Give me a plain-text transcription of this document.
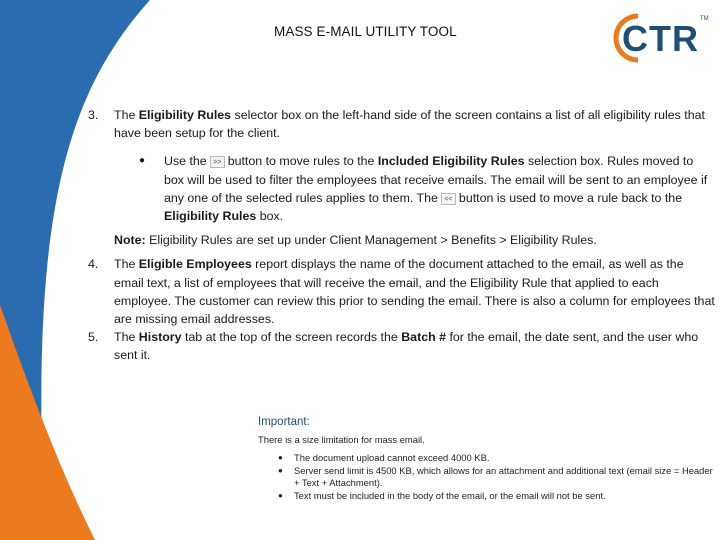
MASS E-MAIL UTILITY TOOL	CTR TM
3. The Eligibility Rules selector box on the left-hand side of the screen contains a list of all eligibility rules that have been setup for the client.
● Use the >> button to move rules to the Included Eligibility Rules selection box. Rules moved to box will be used to filter the employees that receive emails. The email will be sent to an employee if any one of the selected rules applies to them. The << button is used to move a rule back to the Eligibility Rules box.
Note: Eligibility Rules are set up under Client Management > Benefits > Eligibility Rules.
4. The Eligible Employees report displays the name of the document attached to the email, as well as the email text, a list of employees that will receive the email, and the Eligibility Rule that applied to each employee. The customer can review this prior to sending the email. There is also a column for employees that are missing email addresses.
5. The History tab at the top of the screen records the Batch # for the email, the date sent, and the user who sent it.
Important:
There is a size limitation for mass email.
● The document upload cannot exceed 4000 KB.
● Server send limit is 4500 KB, which allows for an attachment and additional text (email size = Header + Text + Attachment).
● Text must be included in the body of the email, or the email will not be sent.
